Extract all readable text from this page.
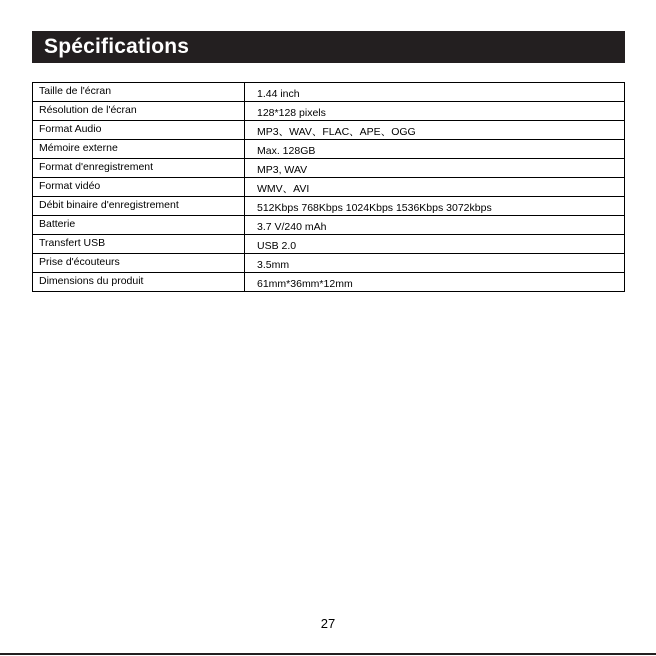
Spécifications
Taille de l'écran	1.44 inch
Résolution de l'écran	128*128 pixels
Format Audio	MP3、WAV、FLAC、APE、OGG
Mémoire externe	Max. 128GB
Format d'enregistrement	MP3, WAV
Format vidéo	WMV、AVI
Débit binaire d'enregistrement	512Kbps 768Kbps 1024Kbps 1536Kbps 3072kbps
Batterie	3.7 V/240 mAh
Transfert USB	USB 2.0
Prise d'écouteurs	3.5mm
Dimensions du produit	61mm*36mm*12mm
27
